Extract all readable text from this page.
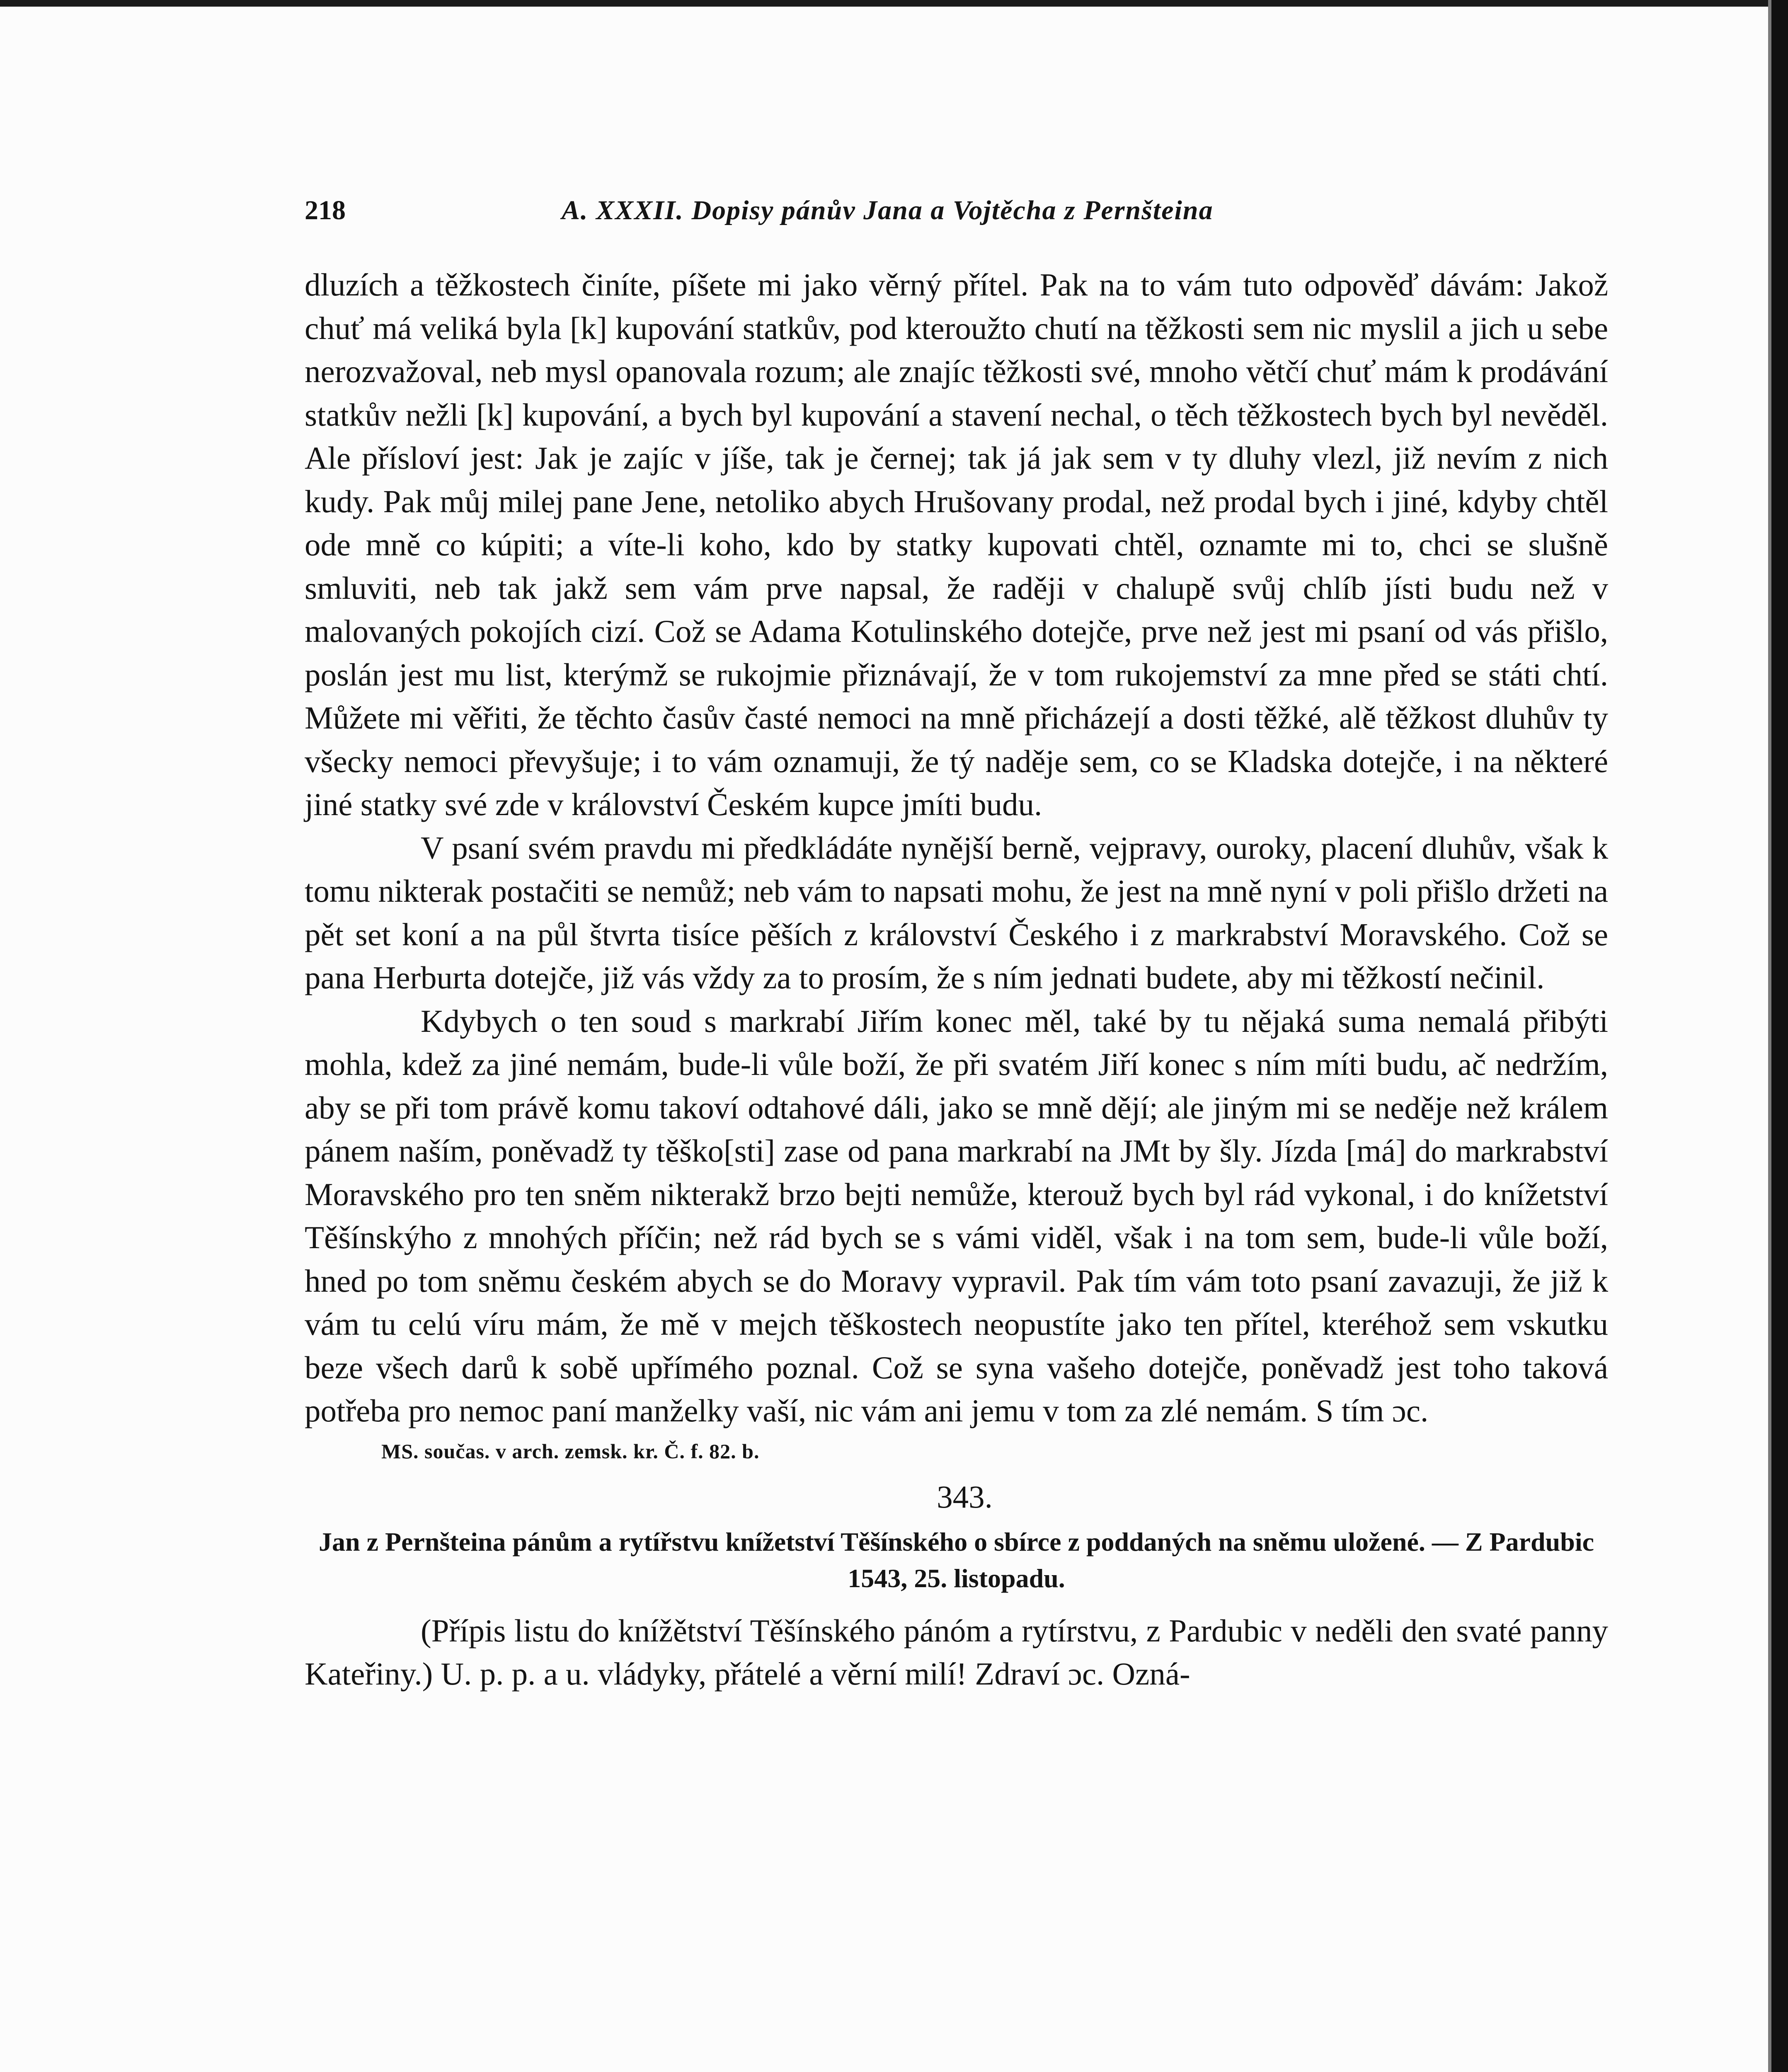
218	A. XXXII. Dopisy pánův Jana a Vojtěcha z Pernšteina

dluzích a těžkostech činíte, píšete mi jako věrný přítel. Pak na to vám tuto odpověď dávám: Jakož chuť má veliká byla [k] kupování statkův, pod kteroužto chutí na těžkosti sem nic myslil a jich u sebe nerozvažoval, neb mysl opanovala rozum; ale znajíc těžkosti své, mnoho větčí chuť mám k prodávání statkův nežli [k] kupování, a bych byl kupování a stavení nechal, o těch těžkostech bych byl nevěděl. Ale přísloví jest: Jak je zajíc v jíše, tak je černej; tak já jak sem v ty dluhy vlezl, již nevím z nich kudy. Pak můj milej pane Jene, netoliko abych Hrušovany prodal, než prodal bych i jiné, kdyby chtěl ode mně co kúpiti; a víte-li koho, kdo by statky kupovati chtěl, oznamte mi to, chci se slušně smluviti, neb tak jakž sem vám prve napsal, že raději v chalupě svůj chlíb jísti budu než v malovaných pokojích cizí. Což se Adama Kotulinského dotejče, prve než jest mi psaní od vás přišlo, poslán jest mu list, kterýmž se rukojmie přiznávají, že v tom rukojemství za mne před se státi chtí. Můžete mi věřiti, že těchto časův časté nemoci na mně přicházejí a dosti těžké, alě těžkost dluhův ty všecky nemoci převyšuje; i to vám oznamuji, že tý naděje sem, co se Kladska dotejče, i na některé jiné statky své zde v království Českém kupce jmíti budu.

V psaní svém pravdu mi předkládáte nynější berně, vejpravy, ouroky, placení dluhův, však k tomu nikterak postačiti se nemůž; neb vám to napsati mohu, že jest na mně nyní v poli přišlo držeti na pět set koní a na půl štvrta tisíce pěších z království Českého i z markrabství Moravského. Což se pana Herburta dotejče, již vás vždy za to prosím, že s ním jednati budete, aby mi těžkostí nečinil.

Kdybych o ten soud s markrabí Jiřím konec měl, také by tu nějaká suma nemalá přibýti mohla, kdež za jiné nemám, bude-li vůle boží, že při svatém Jiří konec s ním míti budu, ač nedržím, aby se při tom právě komu takoví odtahové dáli, jako se mně dějí; ale jiným mi se neděje než králem pánem naším, poněvadž ty těško[sti] zase od pana markrabí na JMt by šly. Jízda [má] do markrabství Moravského pro ten sněm nikterakž brzo bejti nemůže, kterouž bych byl rád vykonal, i do knížetství Těšínskýho z mnohých příčin; než rád bych se s vámi viděl, však i na tom sem, bude-li vůle boží, hned po tom sněmu českém abych se do Moravy vypravil. Pak tím vám toto psaní zavazuji, že již k vám tu celú víru mám, že mě v mejch těškostech neopustíte jako ten přítel, kteréhož sem vskutku beze všech darů k sobě upřímého poznal. Což se syna vašeho dotejče, poněvadž jest toho taková potřeba pro nemoc paní manželky vaší, nic vám ani jemu v tom za zlé nemám. S tím ɔc.

MS. součas. v arch. zemsk. kr. Č. f. 82. b.

343.

Jan z Pernšteina pánům a rytířstvu knížetství Těšínského o sbírce z poddaných na sněmu uložené. — Z Pardubic 1543, 25. listopadu.

(Přípis listu do knížětství Těšínského pánóm a rytírstvu, z Pardubic v neděli den svaté panny Kateřiny.) U. p. p. a u. vládyky, přátelé a věrní milí! Zdraví ɔc. Ozná-
